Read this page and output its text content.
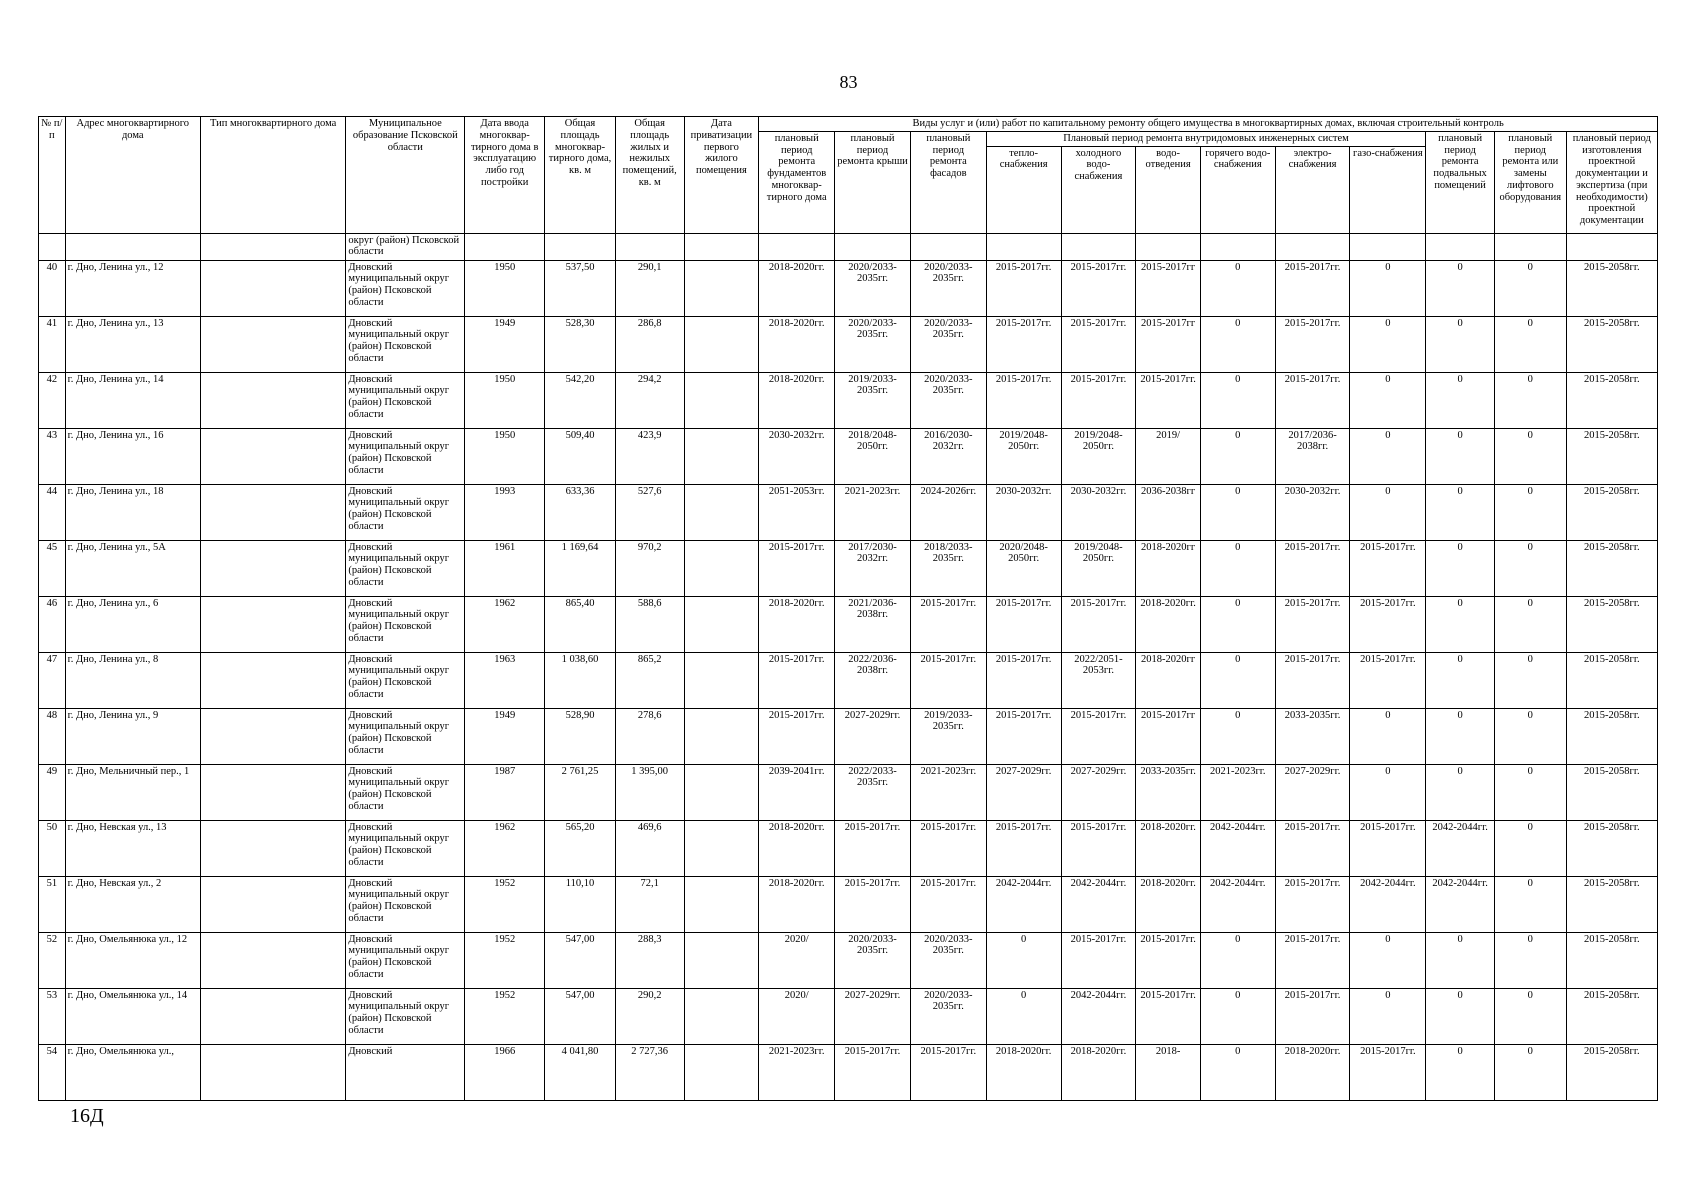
83
№ п/п	Адрес многоквартирного дома	Тип многоквартирного дома	Муниципальное образование Псковской области	Дата ввода многоквар-тирного дома в эксплуатацию либо год постройки	Общая площадь многоквар-тирного дома, кв. м	Общая площадь жилых и нежилых помещений, кв. м	Дата приватизации первого жилого помещения	Виды услуг и (или) работ по капитальному ремонту общего имущества в многоквартирных домах, включая строительный контроль											
								плановый период ремонта фундаментов многоквар-тирного дома	плановый период ремонта крыши	плановый период ремонта фасадов	Плановый период ремонта внутридомовых инженерных систем						плановый период ремонта подвальных помещений	плановый период ремонта или замены лифтового оборудования	плановый период изготовления проектной документации и экспертиза (при необходимости) проектной документации
											тепло-снабжения	холодного водо-снабжения	водо-отведения	горячего водо-снабжения	электро-снабжения	газо-снабжения			
			округ (район) Псковской области																
40	г. Дно, Ленина ул., 12		Дновский муниципальный округ (район) Псковской области	1950	537,50	290,1		2018-2020гг.	2020/2033-2035гг.	2020/2033-2035гг.	2015-2017гг.	2015-2017гг.	2015-2017гг	0	2015-2017гг.	0	0	0	2015-2058гг.
41	г. Дно, Ленина ул., 13		Дновский муниципальный округ (район) Псковской области	1949	528,30	286,8		2018-2020гг.	2020/2033-2035гг.	2020/2033-2035гг.	2015-2017гг.	2015-2017гг.	2015-2017гг	0	2015-2017гг.	0	0	0	2015-2058гг.
42	г. Дно, Ленина ул., 14		Дновский муниципальный округ (район) Псковской области	1950	542,20	294,2		2018-2020гг.	2019/2033-2035гг.	2020/2033-2035гг.	2015-2017гг.	2015-2017гг.	2015-2017гг.	0	2015-2017гг.	0	0	0	2015-2058гг.
43	г. Дно, Ленина ул., 16		Дновский муниципальный округ (район) Псковской области	1950	509,40	423,9		2030-2032гг.	2018/2048-2050гг.	2016/2030-2032гг.	2019/2048-2050гг.	2019/2048-2050гг.	2019/	0	2017/2036-2038гг.	0	0	0	2015-2058гг.
44	г. Дно, Ленина ул., 18		Дновский муниципальный округ (район) Псковской области	1993	633,36	527,6		2051-2053гг.	2021-2023гг.	2024-2026гг.	2030-2032гг.	2030-2032гг.	2036-2038гг	0	2030-2032гг.	0	0	0	2015-2058гг.
45	г. Дно, Ленина ул., 5А		Дновский муниципальный округ (район) Псковской области	1961	1 169,64	970,2		2015-2017гг.	2017/2030-2032гг.	2018/2033-2035гг.	2020/2048-2050гг.	2019/2048-2050гг.	2018-2020гг	0	2015-2017гг.	2015-2017гг.	0	0	2015-2058гг.
46	г. Дно, Ленина ул., 6		Дновский муниципальный округ (район) Псковской области	1962	865,40	588,6		2018-2020гг.	2021/2036-2038гг.	2015-2017гг.	2015-2017гг.	2015-2017гг.	2018-2020гг.	0	2015-2017гг.	2015-2017гг.	0	0	2015-2058гг.
47	г. Дно, Ленина ул., 8		Дновский муниципальный округ (район) Псковской области	1963	1 038,60	865,2		2015-2017гг.	2022/2036-2038гг.	2015-2017гг.	2015-2017гг.	2022/2051-2053гг.	2018-2020гг	0	2015-2017гг.	2015-2017гг.	0	0	2015-2058гг.
48	г. Дно, Ленина ул., 9		Дновский муниципальный округ (район) Псковской области	1949	528,90	278,6		2015-2017гг.	2027-2029гг.	2019/2033-2035гг.	2015-2017гг.	2015-2017гг.	2015-2017гг	0	2033-2035гг.	0	0	0	2015-2058гг.
49	г. Дно, Мельничный пер., 1		Дновский муниципальный округ (район) Псковской области	1987	2 761,25	1 395,00		2039-2041гг.	2022/2033-2035гг.	2021-2023гг.	2027-2029гг.	2027-2029гг.	2033-2035гг.	2021-2023гг.	2027-2029гг.	0	0	0	2015-2058гг.
50	г. Дно, Невская ул., 13		Дновский муниципальный округ (район) Псковской области	1962	565,20	469,6		2018-2020гг.	2015-2017гг.	2015-2017гг.	2015-2017гг.	2015-2017гг.	2018-2020гг.	2042-2044гг.	2015-2017гг.	2015-2017гг.	2042-2044гг.	0	2015-2058гг.
51	г. Дно, Невская ул., 2		Дновский муниципальный округ (район) Псковской области	1952	110,10	72,1		2018-2020гг.	2015-2017гг.	2015-2017гг.	2042-2044гг.	2042-2044гг.	2018-2020гг.	2042-2044гг.	2015-2017гг.	2042-2044гг.	2042-2044гг.	0	2015-2058гг.
52	г. Дно, Омельянюка ул., 12		Дновский муниципальный округ (район) Псковской области	1952	547,00	288,3		2020/	2020/2033-2035гг.	2020/2033-2035гг.	0	2015-2017гг.	2015-2017гг.	0	2015-2017гг.	0	0	0	2015-2058гг.
53	г. Дно, Омельянюка ул., 14		Дновский муниципальный округ (район) Псковской области	1952	547,00	290,2		2020/	2027-2029гг.	2020/2033-2035гг.	0	2042-2044гг.	2015-2017гг.	0	2015-2017гг.	0	0	0	2015-2058гг.
54	г. Дно, Омельянюка ул.,		Дновский	1966	4 041,80	2 727,36		2021-2023гг.	2015-2017гг.	2015-2017гг.	2018-2020гг.	2018-2020гг.	2018-	0	2018-2020гг.	2015-2017гг.	0	0	2015-2058гг.
16Д
